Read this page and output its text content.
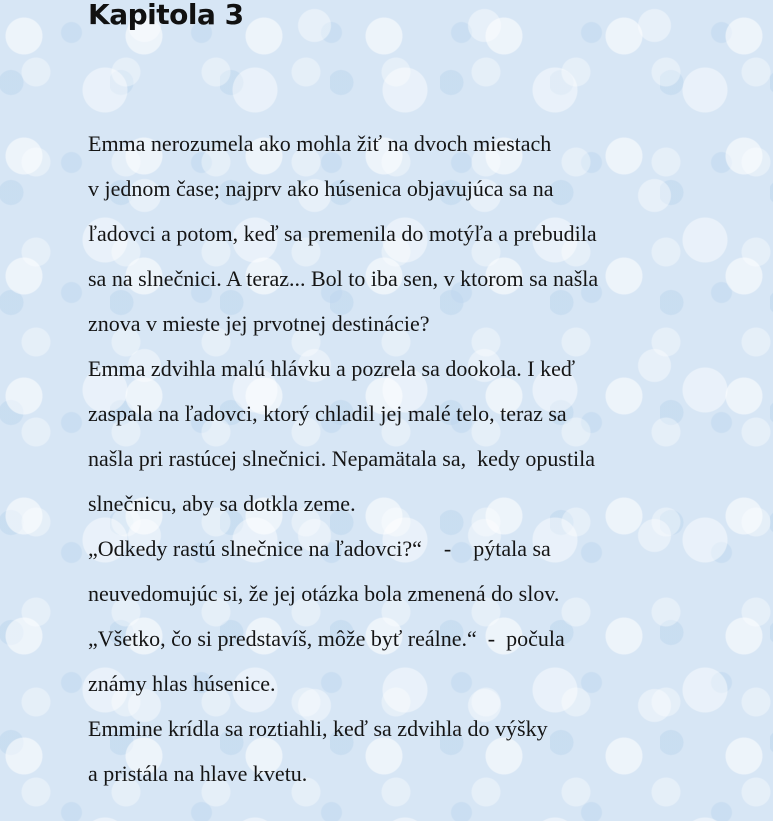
Kapitola 3
Emma nerozumela ako mohla žiť na dvoch miestach
v jednom čase; najprv ako húsenica objavujúca sa na
ľadovci a potom, keď sa premenila do motýľa a prebudila
sa na slnečnici. A teraz... Bol to iba sen, v ktorom sa našla
znova v mieste jej prvotnej destinácie?
Emma zdvihla malú hlávku a pozrela sa dookola. I keď
zaspala na ľadovci, ktorý chladil jej malé telo, teraz sa
našla pri rastúcej slnečnici. Nepamätala sa,  kedy opustila
slnečnicu, aby sa dotkla zeme.
„Odkedy rastú slnečnice na ľadovci?“    -    pýtala sa
neuvedomujúc si, že jej otázka bola zmenená do slov.
„Všetko, čo si predstavíš, môže byť reálne.“  -  počula
známy hlas húsenice.
Emmine krídla sa roztiahli, keď sa zdvihla do výšky
a pristála na hlave kvetu.
